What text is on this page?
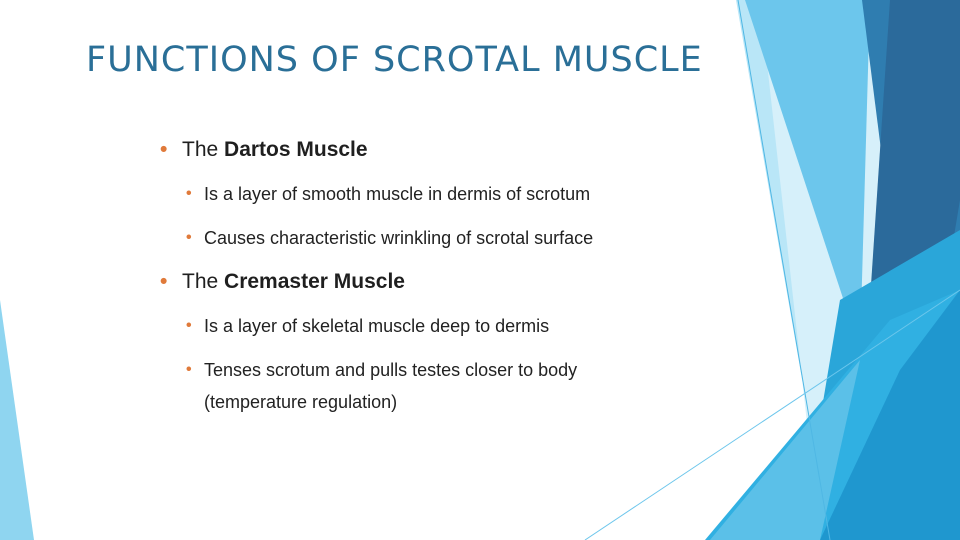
FUNCTIONS OF SCROTAL MUSCLE
• The Dartos Muscle
• Is a layer of smooth muscle in dermis of scrotum
• Causes characteristic wrinkling of scrotal surface
• The Cremaster Muscle
• Is a layer of skeletal muscle deep to dermis
• Tenses scrotum and pulls testes closer to body
(temperature regulation)
